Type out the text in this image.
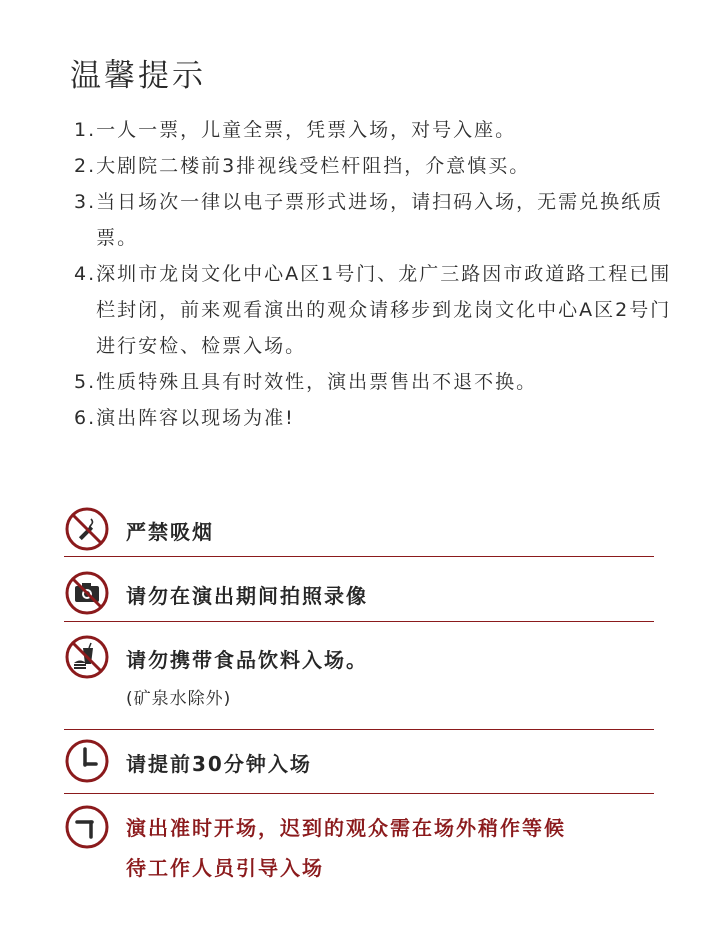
温馨提示
1. 一人一票，儿童全票，凭票入场，对号入座。
2. 大剧院二楼前3排视线受栏杆阻挡，介意慎买。
3. 当日场次一律以电子票形式进场，请扫码入场，无需兑换纸质票。
4. 深圳市龙岗文化中心A区1号门、龙广三路因市政道路工程已围栏封闭，前来观看演出的观众请移步到龙岗文化中心A区2号门进行安检、检票入场。
5. 性质特殊且具有时效性，演出票售出不退不换。
6. 演出阵容以现场为准!
严禁吸烟
请勿在演出期间拍照录像
请勿携带食品饮料入场。
(矿泉水除外)
请提前30分钟入场
演出准时开场，迟到的观众需在场外稍作等候
待工作人员引导入场
